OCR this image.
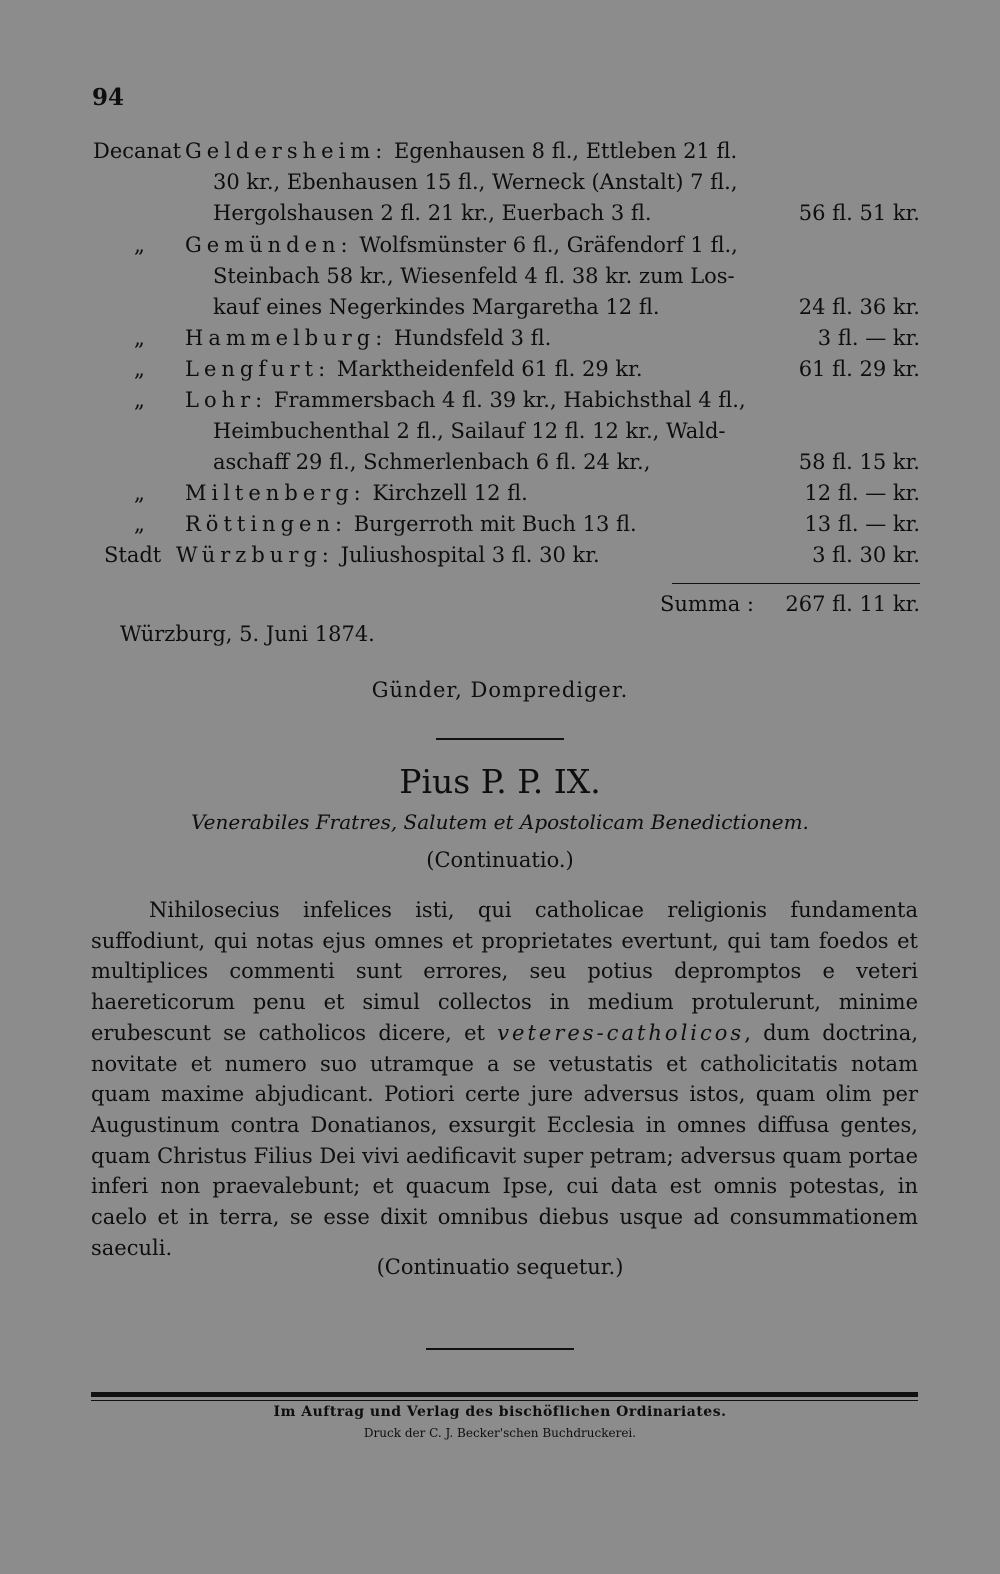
94
Decanat Geldersheim: Egenhausen 8 fl., Ettleben 21 fl.
30 kr., Ebenhausen 15 fl., Werneck (Anstalt) 7 fl.,
Hergolshausen 2 fl. 21 kr., Euerbach 3 fl.	56 fl. 51 kr.
„ Gemünden: Wolfsmünster 6 fl., Gräfendorf 1 fl.,
Steinbach 58 kr., Wiesenfeld 4 fl. 38 kr. zum Los-
kauf eines Negerkindes Margaretha 12 fl.	24 fl. 36 kr.
„ Hammelburg: Hundsfeld 3 fl.	3 fl. — kr.
„ Lengfurt: Marktheidenfeld 61 fl. 29 kr.	61 fl. 29 kr.
„ Lohr: Frammersbach 4 fl. 39 kr., Habichsthal 4 fl.,
Heimbuchenthal 2 fl., Sailauf 12 fl. 12 kr., Wald-
aschaff 29 fl., Schmerlenbach 6 fl. 24 kr.,	58 fl. 15 kr.
„ Miltenberg: Kirchzell 12 fl.	12 fl. — kr.
„ Röttingen: Burgerroth mit Buch 13 fl.	13 fl. — kr.
Stadt Würzburg: Juliushospital 3 fl. 30 kr.	3 fl. 30 kr.
Summa : 267 fl. 11 kr.
Würzburg, 5. Juni 1874.
Günder, Domprediger.
Pius P. P. IX.
Venerabiles Fratres, Salutem et Apostolicam Benedictionem.
(Continuatio.)
Nihilosecius infelices isti, qui catholicae religionis fundamenta suffodiunt, qui notas ejus omnes et proprietates evertunt, qui tam foedos et multiplices commenti sunt errores, seu potius depromptos e veteri haereticorum penu et simul collectos in medium protulerunt, minime erubescunt se catholicos dicere, et veteres-catholicos, dum doctrina, novitate et numero suo utramque a se vetustatis et catholicitatis notam quam maxime abjudicant. Potiori certe jure adversus istos, quam olim per Augustinum contra Donatianos, exsurgit Ecclesia in omnes diffusa gentes, quam Christus Filius Dei vivi aedificavit super petram; adversus quam portae inferi non praevalebunt; et quacum Ipse, cui data est omnis potestas, in caelo et in terra, se esse dixit omnibus diebus usque ad consummationem saeculi.
(Continuatio sequetur.)
Im Auftrag und Verlag des bischöflichen Ordinariates.
Druck der C. J. Becker'schen Buchdruckerei.
